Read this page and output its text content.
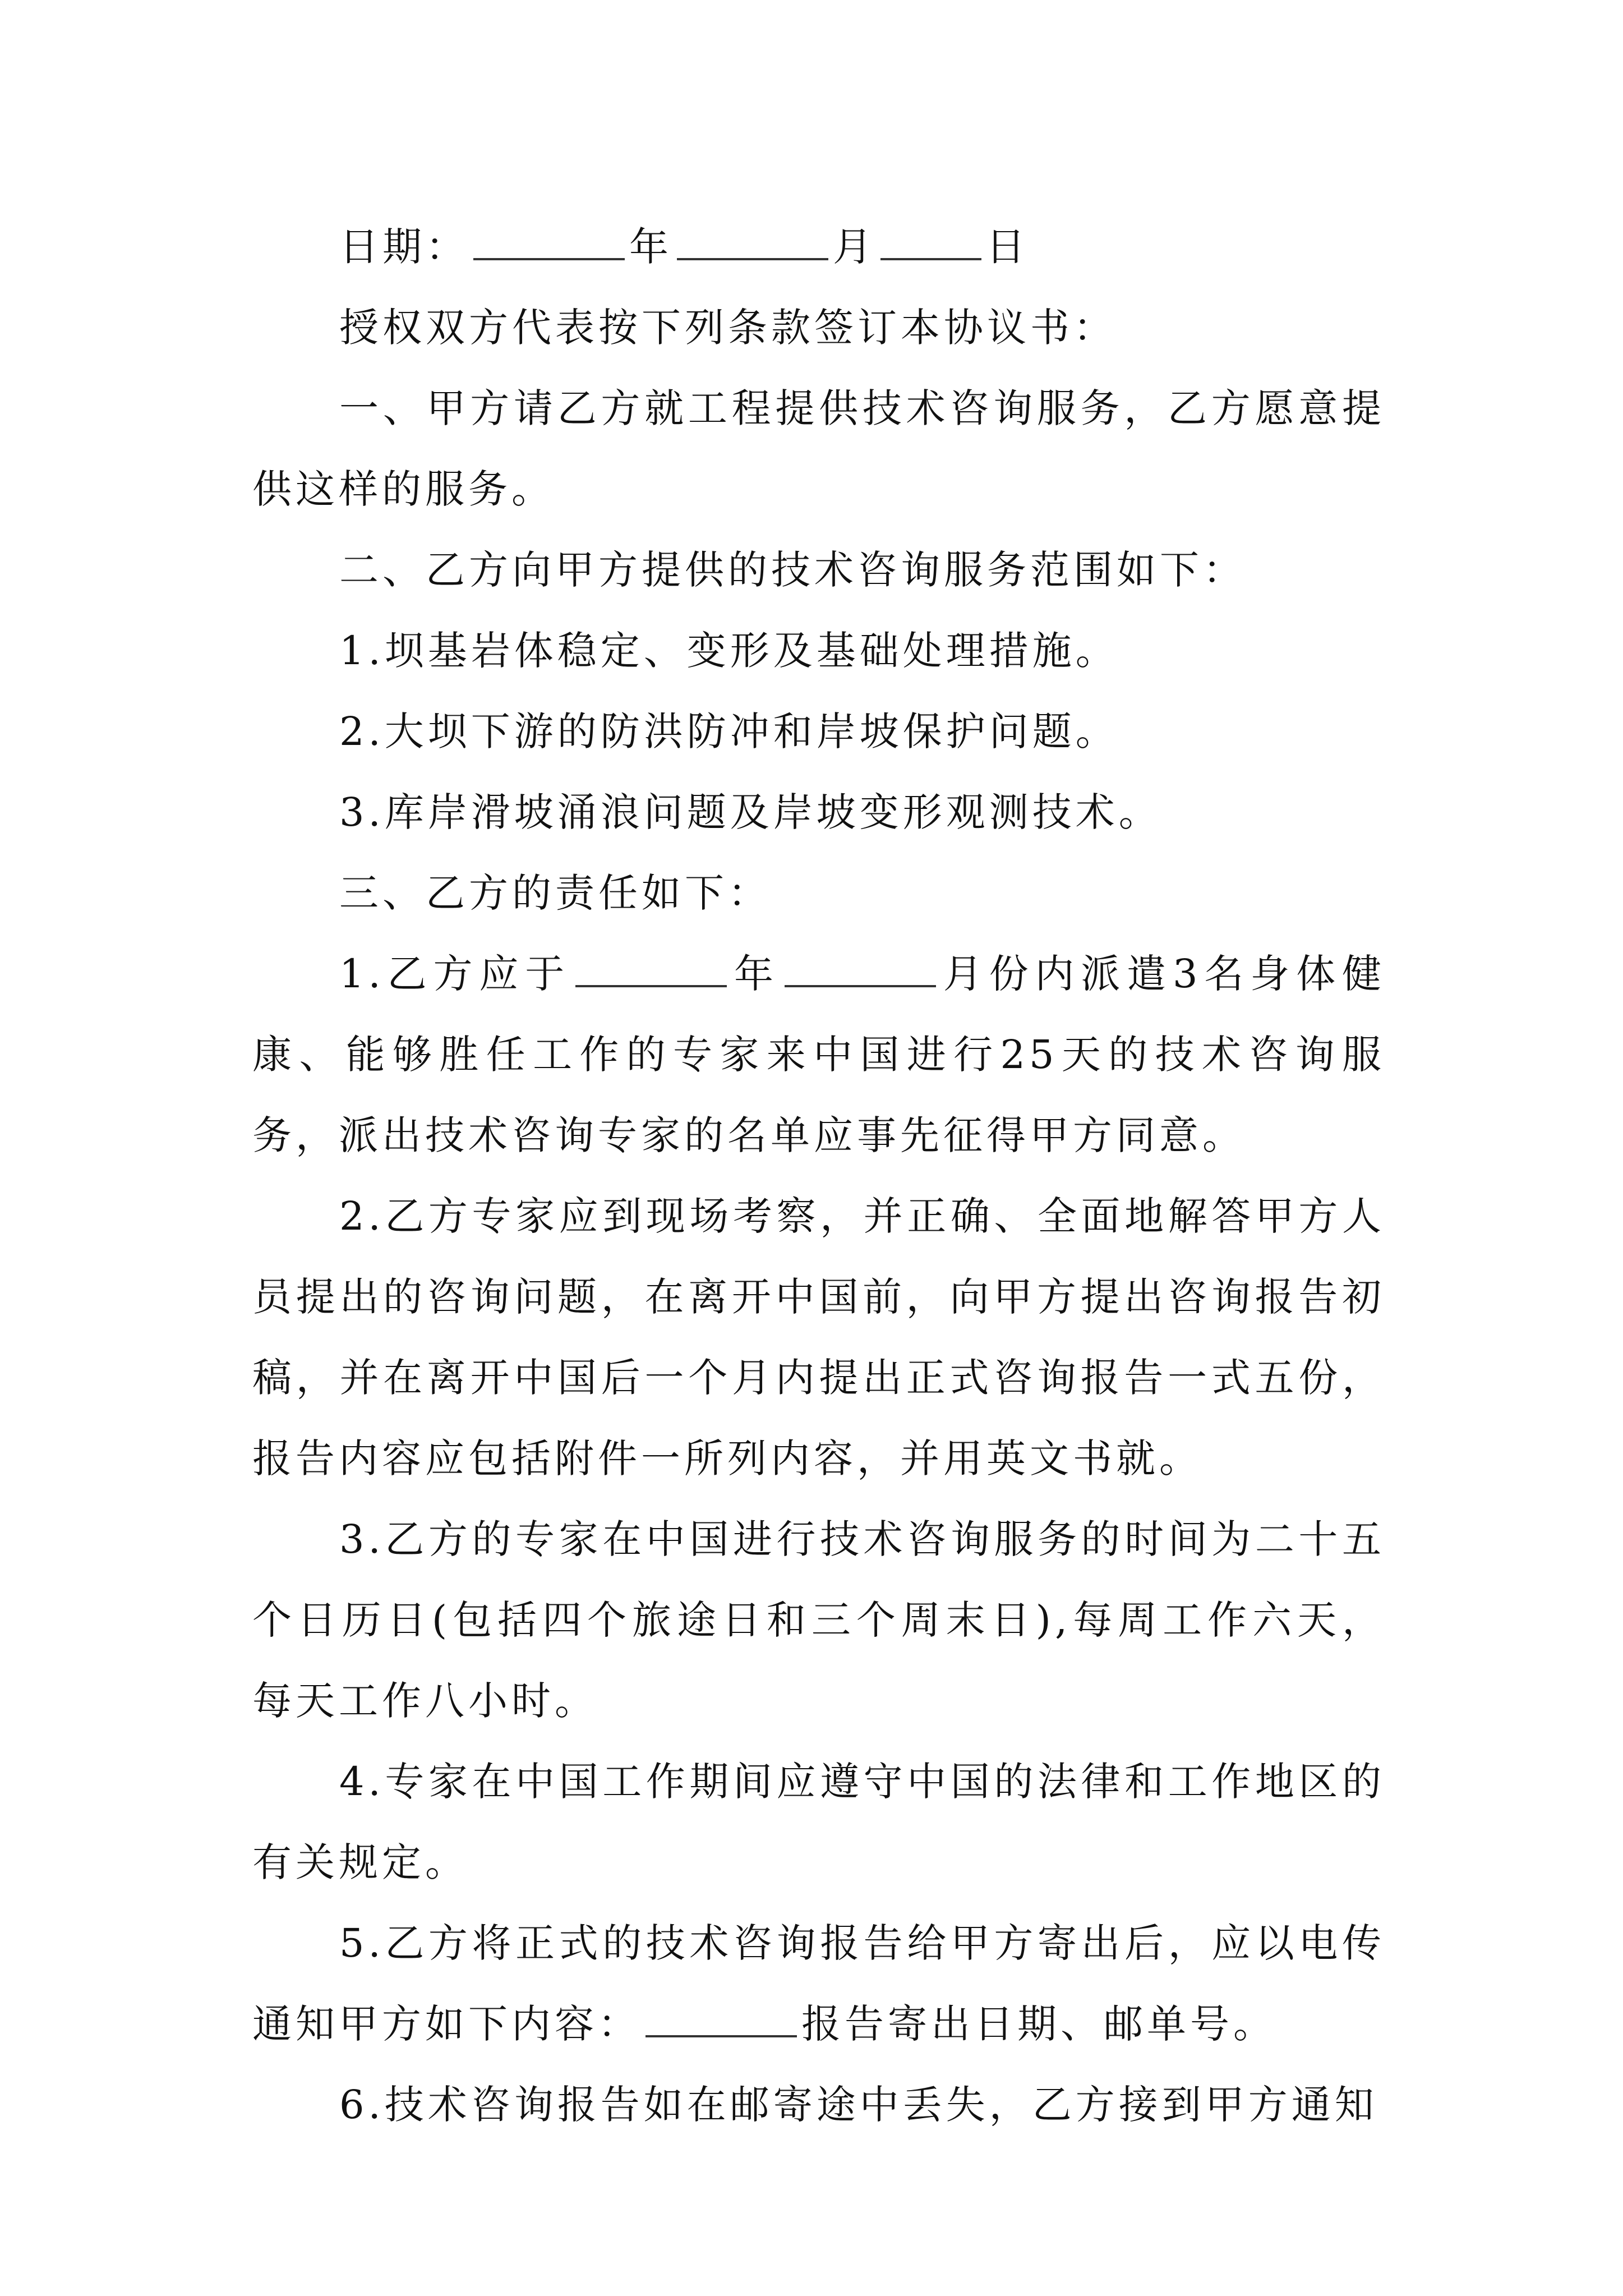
日期：	年	月	日

授权双方代表按下列条款签订本协议书：

一、甲方请乙方就工程提供技术咨询服务，乙方愿意提供这样的服务。

二、乙方向甲方提供的技术咨询服务范围如下：

1.坝基岩体稳定、变形及基础处理措施。

2.大坝下游的防洪防冲和岸坡保护问题。

3.库岸滑坡涌浪问题及岸坡变形观测技术。

三、乙方的责任如下：

1.乙方应于	年	月份内派遣3名身体健康、能够胜任工作的专家来中国进行25天的技术咨询服务，派出技术咨询专家的名单应事先征得甲方同意。

2.乙方专家应到现场考察，并正确、全面地解答甲方人员提出的咨询问题，在离开中国前，向甲方提出咨询报告初稿，并在离开中国后一个月内提出正式咨询报告一式五份，报告内容应包括附件一所列内容，并用英文书就。

3.乙方的专家在中国进行技术咨询服务的时间为二十五个日历日(包括四个旅途日和三个周末日),每周工作六天，每天工作八小时。

4.专家在中国工作期间应遵守中国的法律和工作地区的有关规定。

5.乙方将正式的技术咨询报告给甲方寄出后，应以电传通知甲方如下内容：	报告寄出日期、邮单号。

6.技术咨询报告如在邮寄途中丢失，乙方接到甲方通知
